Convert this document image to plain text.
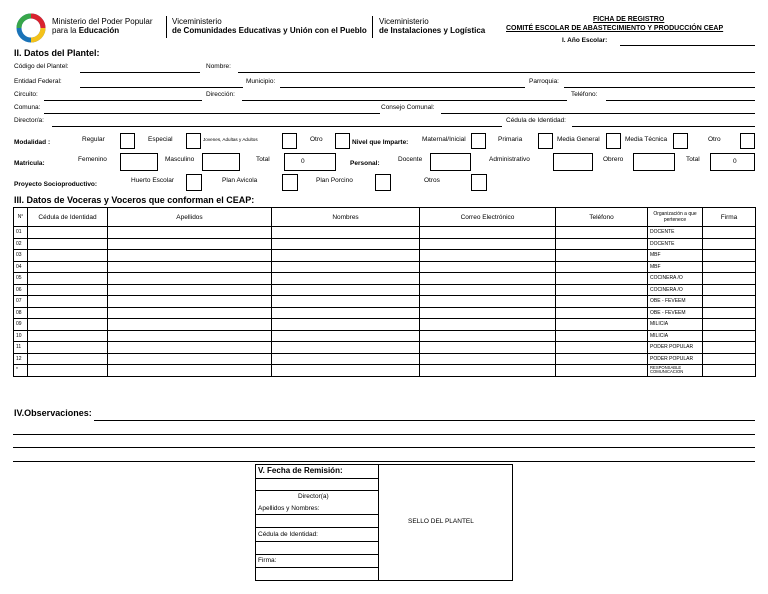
Ministerio del Poder Popular
para la Educación
Viceministerio
de Comunidades Educativas y Unión con el Pueblo
Viceministerio
de Instalaciones y Logística
FICHA DE REGISTRO
COMITÉ ESCOLAR DE ABASTECIMIENTO Y PRODUCCIÓN CEAP
I. Año Escolar:
II. Datos del Plantel:
Código del Plantel:	Nombre:
Entidad Federal:	Municipio:	Parroquia:
Circuito:	Dirección:	Teléfono:
Comuna:	Consejo Comunal:
Director/a:	Cédula de Identidad:
Modalidad :	Regular	Especial	Jovenes, Adultas y Adultos	Otro	Nivel que Imparte: Maternal/Inicial	Primaria	Media General	Media Técnica	Otro
Matricula:
Femenino	Masculino	Total	0	Personal:
Docente	Administrativo	Obrero	Total	0
Proyecto Socioproductivo:
Huerto Escolar	Plan Avicola	Plan Porcino	Otros
III. Datos de Voceras y Voceros que conforman el CEAP:
N°	Cédula de Identidad	Apellidos	Nombres	Correo Electrónico	Teléfono	Organización a que pertenece	Firma
01						DOCENTE	
02						DOCENTE	
03						MBF	
04						MBF	
05						COCINERA /O	
06						COCINERA /O	
07						OBE - FEVEEM	
08						OBE - FEVEEM	
09						MILICIA	
10						MILICIA	
11						PODER POPULAR	
12						PODER POPULAR	
*						RESPONSABLE COMUNICACION	
IV.Observaciones:
V. Fecha de Remisión:
Director(a)
Apellidos y Nombres:
Cédula de Identidad:
Firma:
SELLO DEL PLANTEL
